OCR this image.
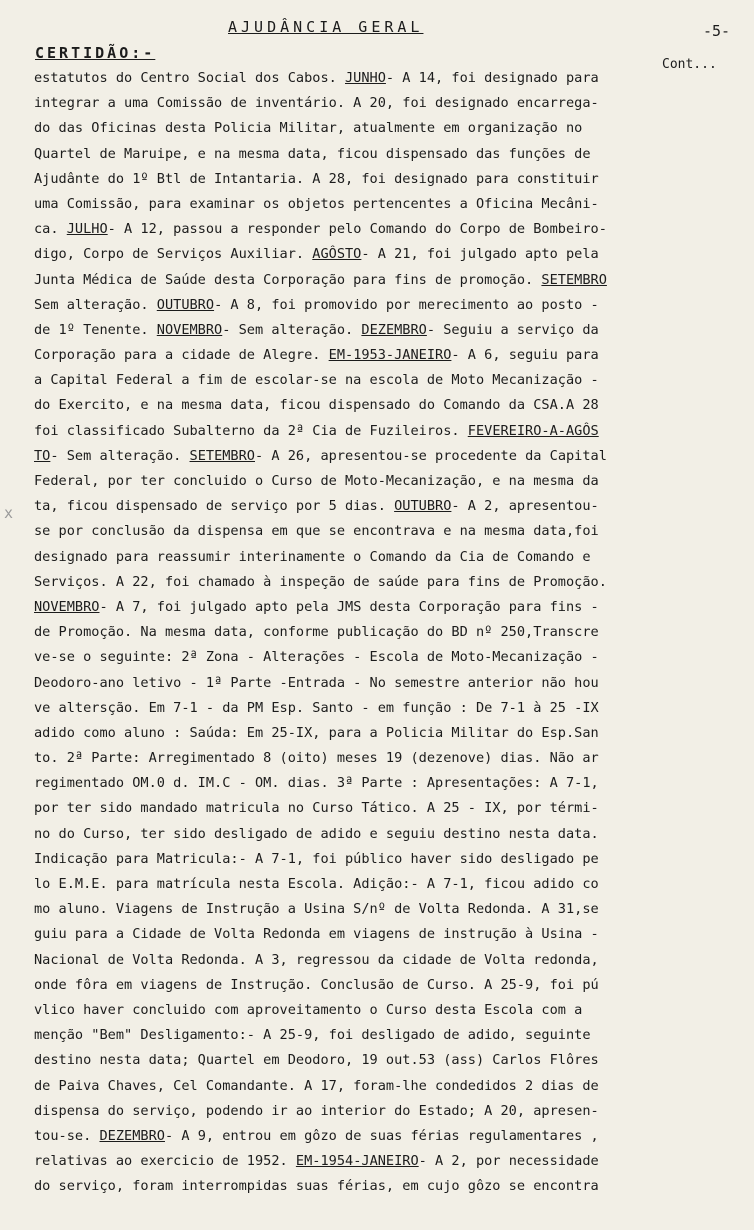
AJUDÂNCIA GERAL	-5-
CERTIDÃO:-
Cont...
x
estatutos do Centro Social dos Cabos. JUNHO- A 14, foi designado para
integrar a uma Comissão de inventário. A 20, foi designado encarrega-
do das Oficinas desta Policia Militar, atualmente em organização no
Quartel de Maruipe, e na mesma data, ficou dispensado das funções de
Ajudânte do 1º Btl de Intantaria. A 28, foi designado para constituir
uma Comissão, para examinar os objetos pertencentes a Oficina Mecâni-
ca. JULHO- A 12, passou a responder pelo Comando do Corpo de Bombeiro-
digo, Corpo de Serviços Auxiliar. AGÔSTO- A 21, foi julgado apto pela
Junta Médica de Saúde desta Corporação para fins de promoção. SETEMBRO
Sem alteração. OUTUBRO- A 8, foi promovido por merecimento ao posto -
de 1º Tenente. NOVEMBRO- Sem alteração. DEZEMBRO- Seguiu a serviço da
Corporação para a cidade de Alegre. EM-1953-JANEIRO- A 6, seguiu para
a Capital Federal a fim de escolar-se na escola de Moto Mecanização -
do Exercito, e na mesma data, ficou dispensado do Comando da CSA.A 28
foi classificado Subalterno da 2ª Cia de Fuzileiros. FEVEREIRO-A-AGÔS
TO- Sem alteração. SETEMBRO- A 26, apresentou-se procedente da Capital
Federal, por ter concluido o Curso de Moto-Mecanização, e na mesma da
ta, ficou dispensado de serviço por 5 dias. OUTUBRO- A 2, apresentou-
se por conclusão da dispensa em que se encontrava e na mesma data,foi
designado para reassumir interinamente o Comando da Cia de Comando e
Serviços. A 22, foi chamado à inspeção de saúde para fins de Promoção.
NOVEMBRO- A 7, foi julgado apto pela JMS desta Corporação para fins -
de Promoção. Na mesma data, conforme publicação do BD nº 250,Transcre
ve-se o seguinte: 2ª Zona - Alterações - Escola de Moto-Mecanização -
Deodoro-ano letivo - 1ª Parte -Entrada - No semestre anterior não hou
ve altersção. Em 7-1 - da PM Esp. Santo - em função : De 7-1 à 25 -IX
adido como aluno : Saúda: Em 25-IX, para a Policia Militar do Esp.San
to. 2ª Parte: Arregimentado 8 (oito) meses 19 (dezenove) dias. Não ar
regimentado OM.0 d. IM.C - OM. dias. 3ª Parte : Apresentações: A 7-1,
por ter sido mandado matricula no Curso Tático. A 25 - IX, por térmi-
no do Curso, ter sido desligado de adido e seguiu destino nesta data.
Indicação para Matricula:- A 7-1, foi público haver sido desligado pe
lo E.M.E. para matrícula nesta Escola. Adição:- A 7-1, ficou adido co
mo aluno. Viagens de Instrução a Usina S/nº de Volta Redonda. A 31,se
guiu para a Cidade de Volta Redonda em viagens de instrução à Usina -
Nacional de Volta Redonda. A 3, regressou da cidade de Volta redonda,
onde fôra em viagens de Instrução. Conclusão de Curso. A 25-9, foi pú
vlico haver concluido com aproveitamento o Curso desta Escola com a
menção "Bem" Desligamento:- A 25-9, foi desligado de adido, seguinte
destino nesta data; Quartel em Deodoro, 19 out.53 (ass) Carlos Flôres
de Paiva Chaves, Cel Comandante. A 17, foram-lhe condedidos 2 dias de
dispensa do serviço, podendo ir ao interior do Estado; A 20, apresen-
tou-se. DEZEMBRO- A 9, entrou em gôzo de suas férias regulamentares ,
relativas ao exercicio de 1952. EM-1954-JANEIRO- A 2, por necessidade
do serviço, foram interrompidas suas férias, em cujo gôzo se encontra
